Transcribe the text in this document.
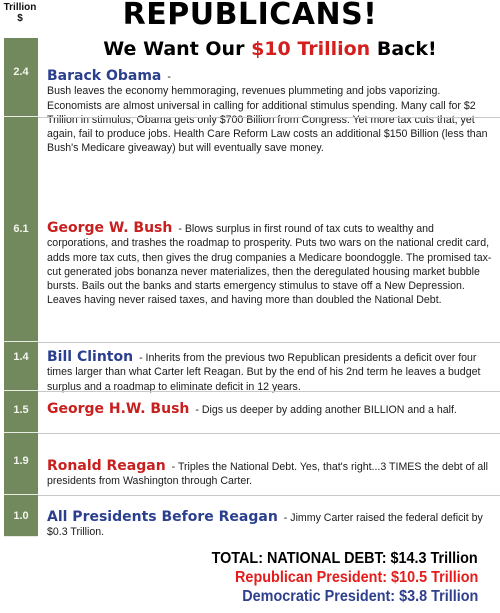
Trillion $
2.4
6.1
1.4
1.5
1.9
1.0
REPUBLICANS!
We Want Our $10 Trillion Back!
Barack Obama -
Bush leaves the economy hemmoraging, revenues plummeting and jobs vaporizing. Economists are almost universal in calling for additional stimulus spending. Many call for $2 Trillion in stimulus; Obama gets only $700 Billion from Congress. Yet more tax cuts that, yet again, fail to produce jobs. Health Care Reform Law costs an additional $150 Billion (less than Bush's Medicare giveaway) but will eventually save money.
George W. Bush - Blows surplus in first round of tax cuts to wealthy and corporations, and trashes the roadmap to prosperity. Puts two wars on the national credit card, adds more tax cuts, then gives the drug companies a Medicare boondoggle. The promised tax-cut generated jobs bonanza never materializes, then the deregulated housing market bubble bursts. Bails out the banks and starts emergency stimulus to stave off a New Depression. Leaves having never raised taxes, and having more than doubled the National Debt.
Bill Clinton - Inherits from the previous two Republican presidents a deficit over four times larger than what Carter left Reagan. But by the end of his 2nd term he leaves a budget surplus and a roadmap to eliminate deficit in 12 years.
George H.W. Bush - Digs us deeper by adding another BILLION and a half.
Ronald Reagan - Triples the National Debt. Yes, that's right...3 TIMES the debt of all presidents from Washington through Carter.
All Presidents Before Reagan - Jimmy Carter raised the federal deficit by $0.3 Trillion.
TOTAL: NATIONAL DEBT: $14.3 Trillion
Republican President: $10.5 Trillion
Democratic President: $3.8 Trillion
